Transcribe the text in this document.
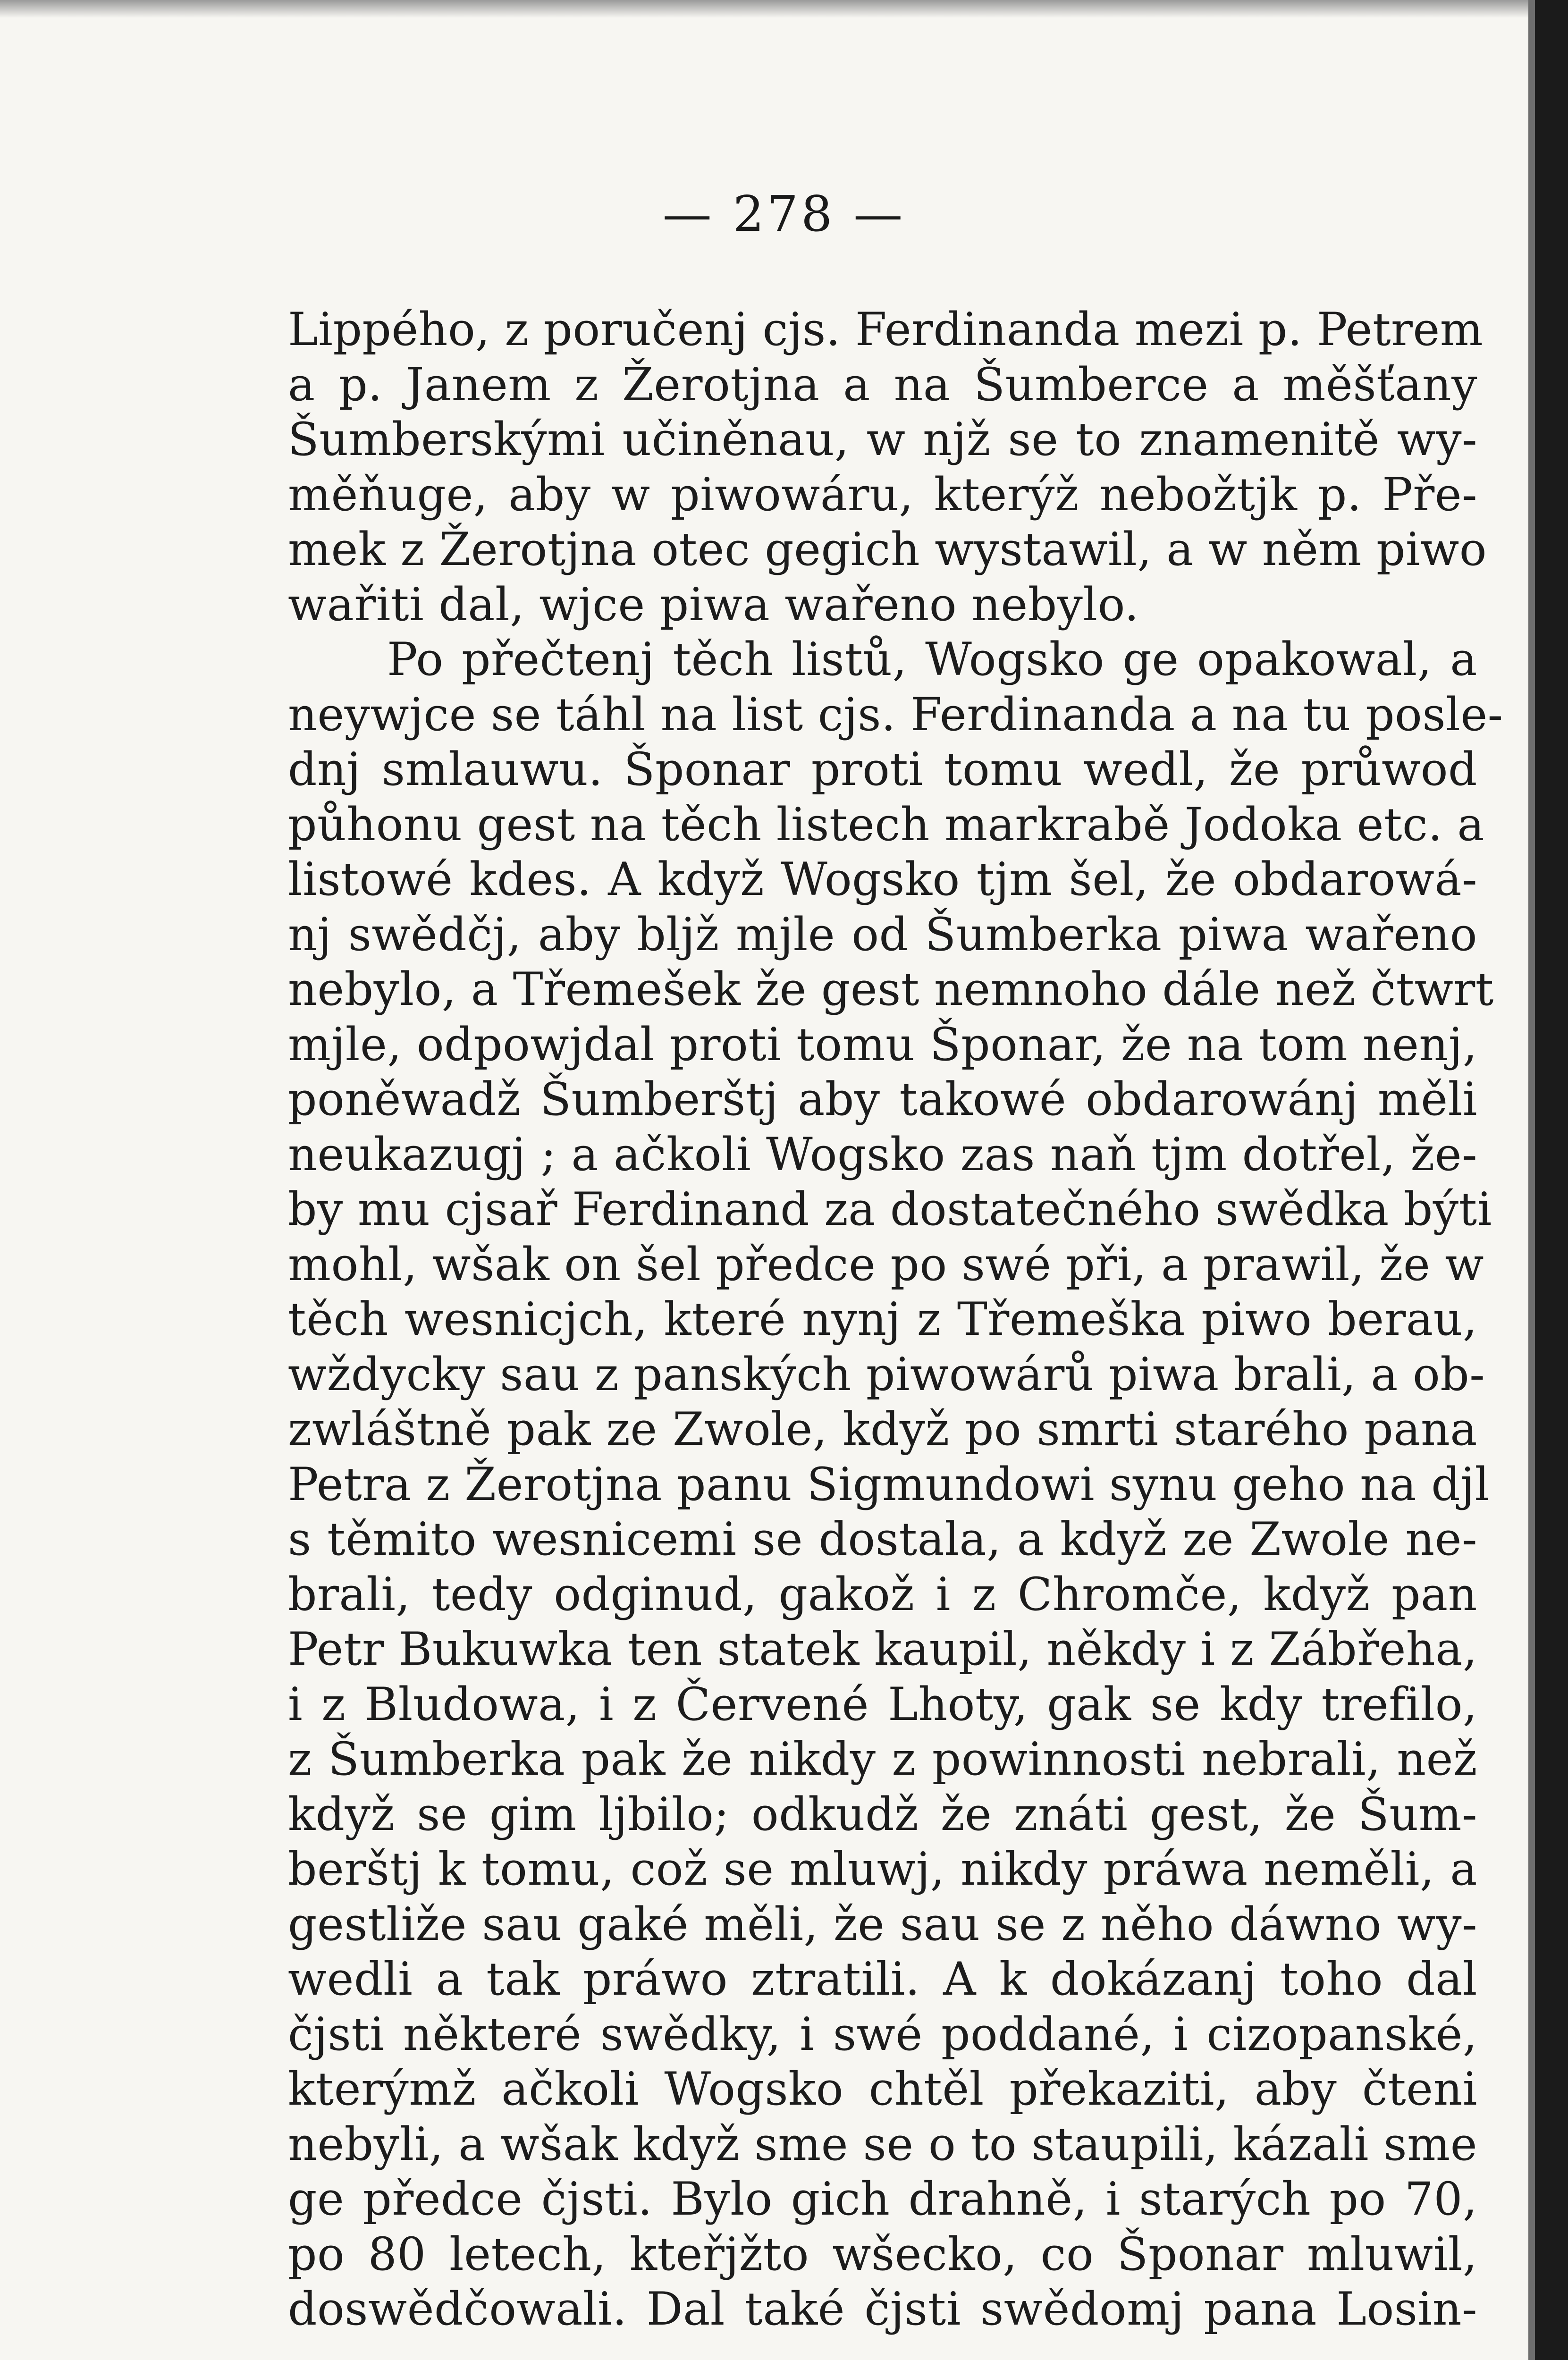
— 278 —
Lippého, z poručenj cjs. Ferdinanda mezi p. Petrem
a p. Janem z Žerotjna a na Šumberce a měšťany
Šumberskými učiněnau, w njž se to znamenitě wy-
měňuge, aby w piwowáru, kterýž nebožtjk p. Pře-
mek z Žerotjna otec gegich wystawil, a w něm piwo
wařiti dal, wjce piwa wařeno nebylo.
Po přečtenj těch listů, Wogsko ge opakowal, a
neywjce se táhl na list cjs. Ferdinanda a na tu posle-
dnj smlauwu. Šponar proti tomu wedl, že průwod
půhonu gest na těch listech markrabě Jodoka etc. a
listowé kdes. A když Wogsko tjm šel, že obdarowá-
nj swědčj, aby bljž mjle od Šumberka piwa wařeno
nebylo, a Třemešek že gest nemnoho dále než čtwrt
mjle, odpowjdal proti tomu Šponar, že na tom nenj,
poněwadž Šumberštj aby takowé obdarowánj měli
neukazugj ; a ačkoli Wogsko zas naň tjm dotřel, že-
by mu cjsař Ferdinand za dostatečného swědka býti
mohl, wšak on šel předce po swé při, a prawil, že w
těch wesnicjch, které nynj z Třemeška piwo berau,
wždycky sau z panských piwowárů piwa brali, a ob-
zwláštně pak ze Zwole, když po smrti starého pana
Petra z Žerotjna panu Sigmundowi synu geho na djl
s těmito wesnicemi se dostala, a když ze Zwole ne-
brali, tedy odginud, gakož i z Chromče, když pan
Petr Bukuwka ten statek kaupil, někdy i z Zábřeha,
i z Bludowa, i z Červené Lhoty, gak se kdy trefilo,
z Šumberka pak že nikdy z powinnosti nebrali, než
když se gim ljbilo; odkudž že znáti gest, že Šum-
berštj k tomu, což se mluwj, nikdy práwa neměli, a
gestliže sau gaké měli, že sau se z něho dáwno wy-
wedli a tak práwo ztratili. A k dokázanj toho dal
čjsti některé swědky, i swé poddané, i cizopanské,
kterýmž ačkoli Wogsko chtěl překaziti, aby čteni
nebyli, a wšak když sme se o to staupili, kázali sme
ge předce čjsti. Bylo gich drahně, i starých po 70,
po 80 letech, kteřjžto wšecko, co Šponar mluwil,
doswědčowali. Dal také čjsti swědomj pana Losin-
